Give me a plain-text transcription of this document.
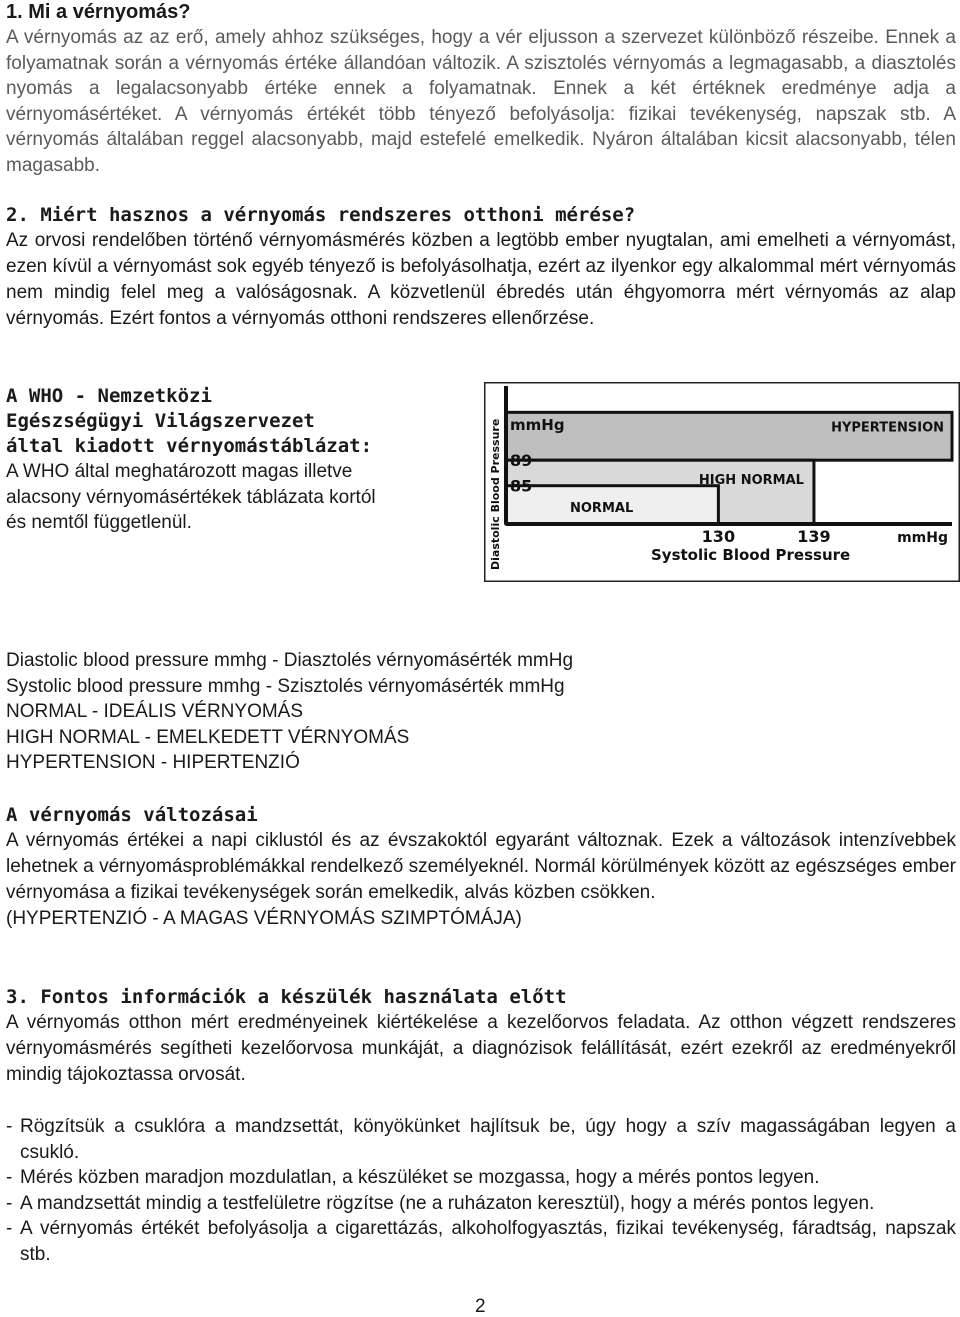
1. Mi a vérnyomás?

A vérnyomás az az erő, amely ahhoz szükséges, hogy a vér eljusson a szervezet különböző részeibe. Ennek a folyamatnak során a vérnyomás értéke állandóan változik. A szisztolés vérnyomás a legmagasabb, a diasztolés nyomás a legalacsonyabb értéke ennek a folyamatnak. Ennek a két értéknek eredménye adja a vérnyomásértéket. A vérnyomás értékét több tényező befolyásolja: fizikai tevékenység, napszak stb. A vérnyomás általában reggel alacsonyabb, majd estefelé emelkedik. Nyáron általában kicsit alacsonyabb, télen magasabb.

2. Miért hasznos a vérnyomás rendszeres otthoni mérése?

Az orvosi rendelőben történő vérnyomásmérés közben a legtöbb ember nyugtalan, ami emelheti a vérnyomást, ezen kívül a vérnyomást sok egyéb tényező is befolyásolhatja, ezért az ilyenkor egy alkalommal mért vérnyomás nem mindig felel meg a valóságosnak. A közvetlenül ébredés után éhgyomorra mért vérnyomás az alap vérnyomás. Ezért fontos a vérnyomás otthoni rendszeres ellenőrzése.

A WHO - Nemzetközi

Egészségügyi Világszervezet

által kiadott vérnyomástáblázat:

A WHO által meghatározott magas illetve

alacsony vérnyomásértékek táblázata kortól

és nemtől függetlenül.

HYPERTENSION
HIGH NORMAL
NORMAL
85
89
mmHg
130	139	mmHg
Systolic Blood Pressure
Diastolic Blood Pressure

Diastolic blood pressure mmhg - Diasztolés vérnyomásérték mmHg

Systolic blood pressure mmhg - Szisztolés vérnyomásérték mmHg

NORMAL - IDEÁLIS VÉRNYOMÁS

HIGH NORMAL - EMELKEDETT VÉRNYOMÁS

HYPERTENSION - HIPERTENZIÓ

A vérnyomás változásai

A vérnyomás értékei a napi ciklustól és az évszakoktól egyaránt változnak. Ezek a változások intenzívebbek lehetnek a vérnyomásproblémákkal rendelkező személyeknél. Normál körülmények között az egészséges ember vérnyomása a fizikai tevékenységek során emelkedik, alvás közben csökken.

(HYPERTENZIÓ - A MAGAS VÉRNYOMÁS SZIMPTÓMÁJA)

3. Fontos információk a készülék használata előtt

A vérnyomás otthon mért eredményeinek kiértékelése a kezelőorvos feladata. Az otthon végzett rendszeres vérnyomásmérés segítheti kezelőorvosa munkáját, a diagnózisok felállítását, ezért ezekről az eredményekről mindig tájokoztassa orvosát.

- Rögzítsük a csuklóra a mandzsettát, könyökünket hajlítsuk be, úgy hogy a szív magasságában legyen a csukló.
- Mérés közben maradjon mozdulatlan, a készüléket se mozgassa, hogy a mérés pontos legyen.
- A mandzsettát mindig a testfelületre rögzítse (ne a ruházaton keresztül), hogy a mérés pontos legyen.
- A vérnyomás értékét befolyásolja a cigarettázás, alkoholfogyasztás, fizikai tevékenység, fáradtság, napszak stb.

2
